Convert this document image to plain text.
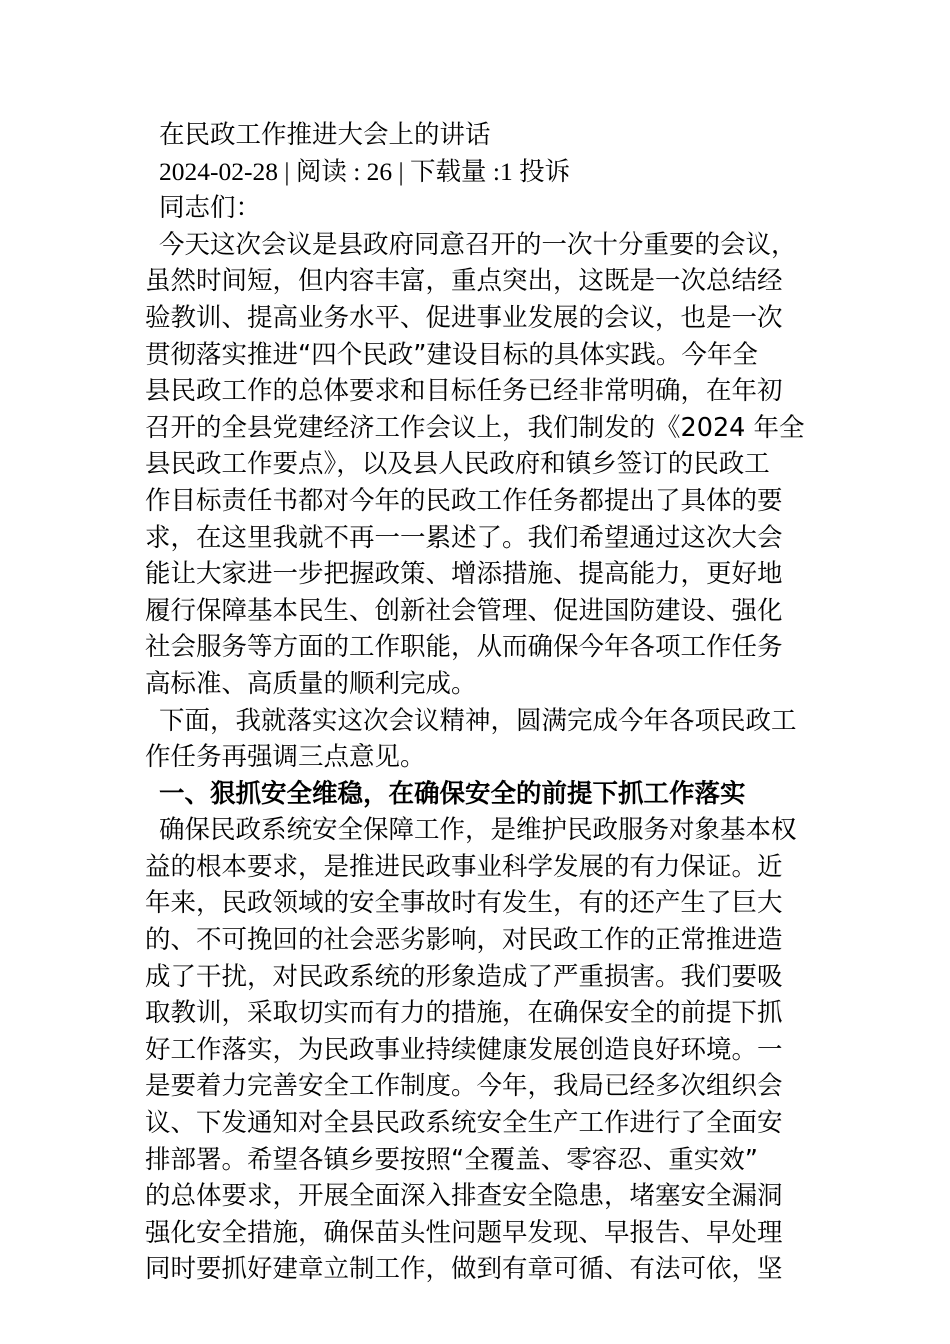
在民政工作推进大会上的讲话
2024-02-28 | 阅读 : 26 | 下载量 :1 投诉
同志们：
今天这次会议是县政府同意召开的一次十分重要的会议，
虽然时间短，但内容丰富，重点突出，这既是一次总结经
验教训、提高业务水平、促进事业发展的会议，也是一次
贯彻落实推进“四个民政”建设目标的具体实践。今年全
县民政工作的总体要求和目标任务已经非常明确，在年初
召开的全县党建经济工作会议上，我们制发的《2024 年全
县民政工作要点》，以及县人民政府和镇乡签订的民政工
作目标责任书都对今年的民政工作任务都提出了具体的要
求，在这里我就不再一一累述了。我们希望通过这次大会
能让大家进一步把握政策、增添措施、提高能力，更好地
履行保障基本民生、创新社会管理、促进国防建设、强化
社会服务等方面的工作职能，从而确保今年各项工作任务
高标准、高质量的顺利完成。
下面，我就落实这次会议精神，圆满完成今年各项民政工
作任务再强调三点意见。
一、狠抓安全维稳，在确保安全的前提下抓工作落实
确保民政系统安全保障工作，是维护民政服务对象基本权
益的根本要求，是推进民政事业科学发展的有力保证。近
年来，民政领域的安全事故时有发生，有的还产生了巨大
的、不可挽回的社会恶劣影响，对民政工作的正常推进造
成了干扰，对民政系统的形象造成了严重损害。我们要吸
取教训，采取切实而有力的措施，在确保安全的前提下抓
好工作落实，为民政事业持续健康发展创造良好环境。一
是要着力完善安全工作制度。今年，我局已经多次组织会
议、下发通知对全县民政系统安全生产工作进行了全面安
排部署。希望各镇乡要按照“全覆盖、零容忍、重实效”
的总体要求，开展全面深入排查安全隐患，堵塞安全漏洞
强化安全措施，确保苗头性问题早发现、早报告、早处理
同时要抓好建章立制工作，做到有章可循、有法可依，坚
